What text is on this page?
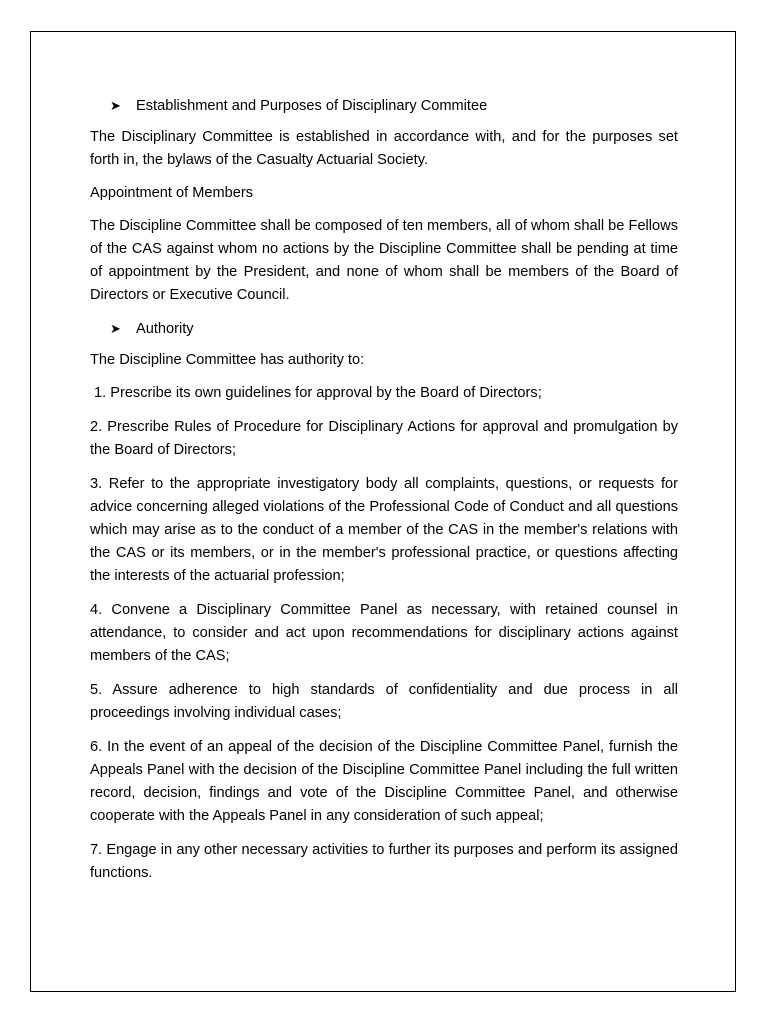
➤	Establishment and Purposes of Disciplinary Commitee

The Disciplinary Committee is established in accordance with, and for the purposes set forth in, the bylaws of the Casualty Actuarial Society.

Appointment of Members

The Discipline Committee shall be composed of ten members, all of whom shall be Fellows of the CAS against whom no actions by the Discipline Committee shall be pending at time of appointment by the President, and none of whom shall be members of the Board of Directors or Executive Council.

➤	Authority

The Discipline Committee has authority to:

1. Prescribe its own guidelines for approval by the Board of Directors;

2. Prescribe Rules of Procedure for Disciplinary Actions for approval and promulgation by the Board of Directors;

3. Refer to the appropriate investigatory body all complaints, questions, or requests for advice concerning alleged violations of the Professional Code of Conduct and all questions which may arise as to the conduct of a member of the CAS in the member's relations with the CAS or its members, or in the member's professional practice, or questions affecting the interests of the actuarial profession;

4. Convene a Disciplinary Committee Panel as necessary, with retained counsel in attendance, to consider and act upon recommendations for disciplinary actions against members of the CAS;

5. Assure adherence to high standards of confidentiality and due process in all proceedings involving individual cases;

6. In the event of an appeal of the decision of the Discipline Committee Panel, furnish the Appeals Panel with the decision of the Discipline Committee Panel including the full written record, decision, findings and vote of the Discipline Committee Panel, and otherwise cooperate with the Appeals Panel in any consideration of such appeal;

7. Engage in any other necessary activities to further its purposes and perform its assigned functions.
